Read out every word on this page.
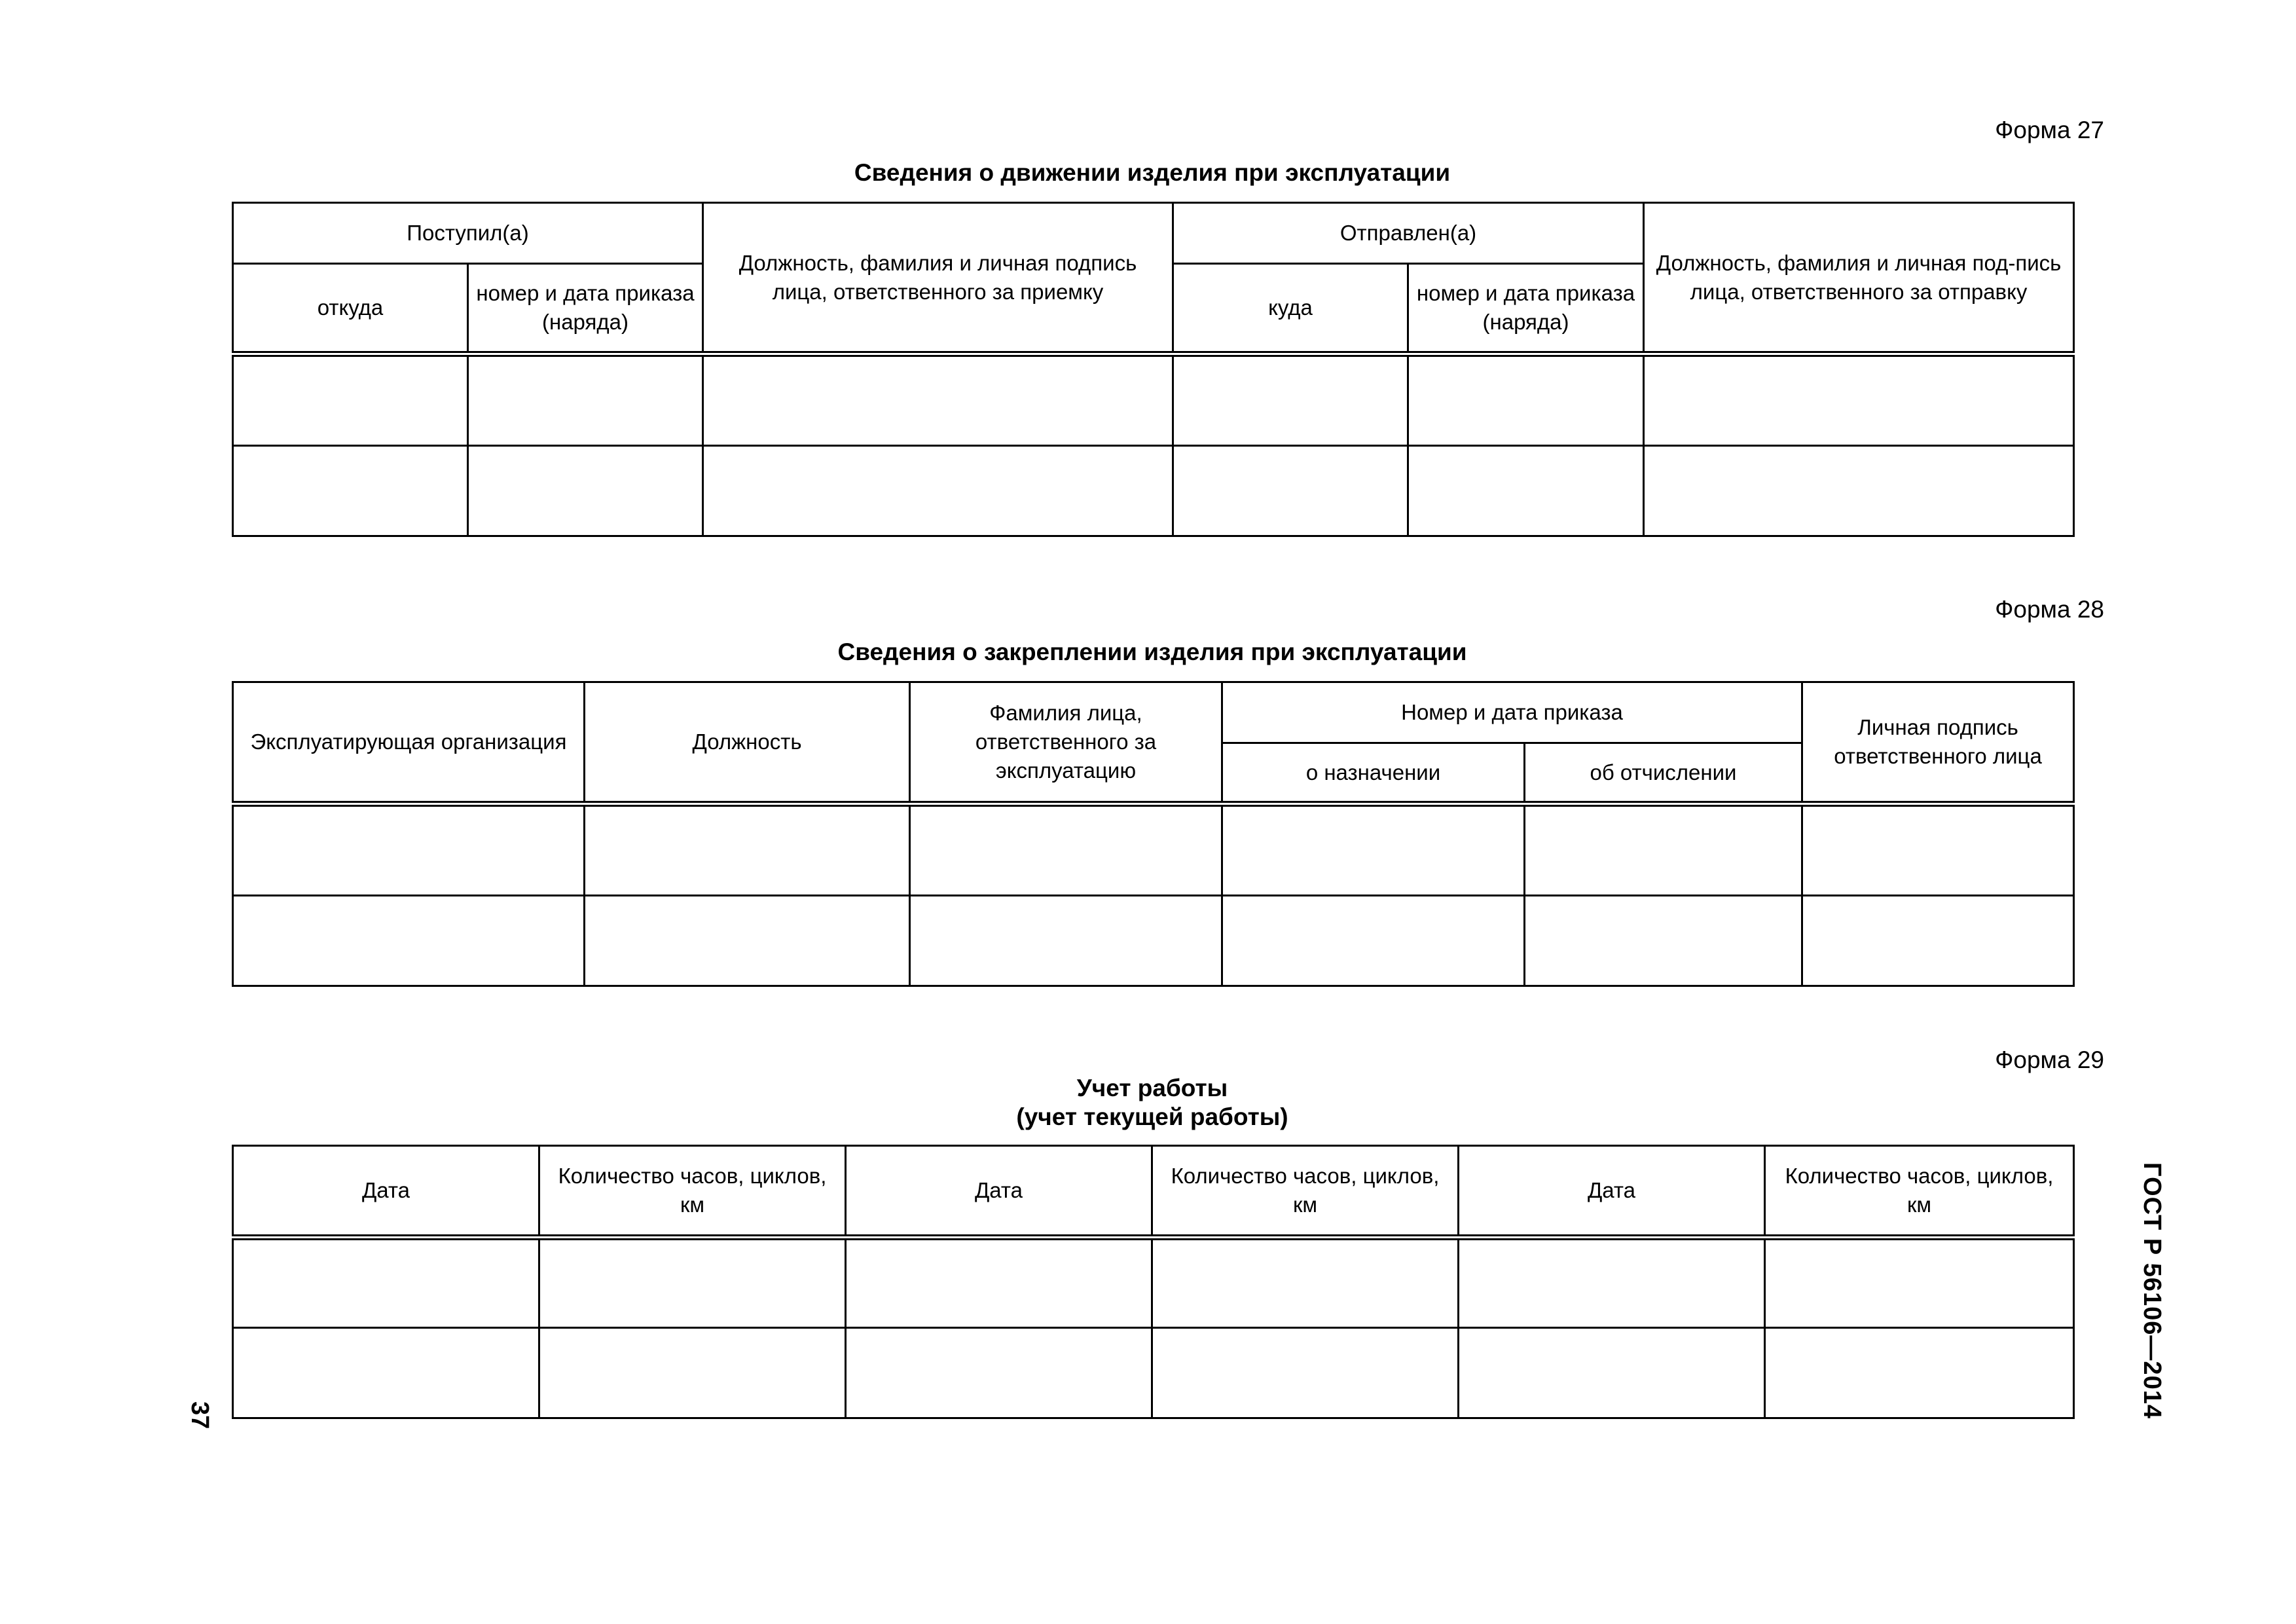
Форма 27
Сведения о движении изделия при эксплуатации
Поступил(а)		Должность, фамилия и личная подпись лица, ответственного за приемку	Отправлен(а)		Должность, фамилия и личная под-пись лица, ответственного за отправку
откуда	номер и дата приказа (наряда)		куда	номер и дата приказа (наряда)	

Форма 28
Сведения о закреплении изделия при эксплуатации
Эксплуатирующая организация	Должность	Фамилия лица, ответственного за эксплуатацию	Номер и дата приказа		Личная подпись ответственного лица
			о назначении	об отчислении	

Форма 29
Учет работы
(учет текущей работы)
Дата	Количество часов, циклов, км	Дата	Количество часов, циклов, км	Дата	Количество часов, циклов, км

						ГОСТ Р 56106—2014
37
